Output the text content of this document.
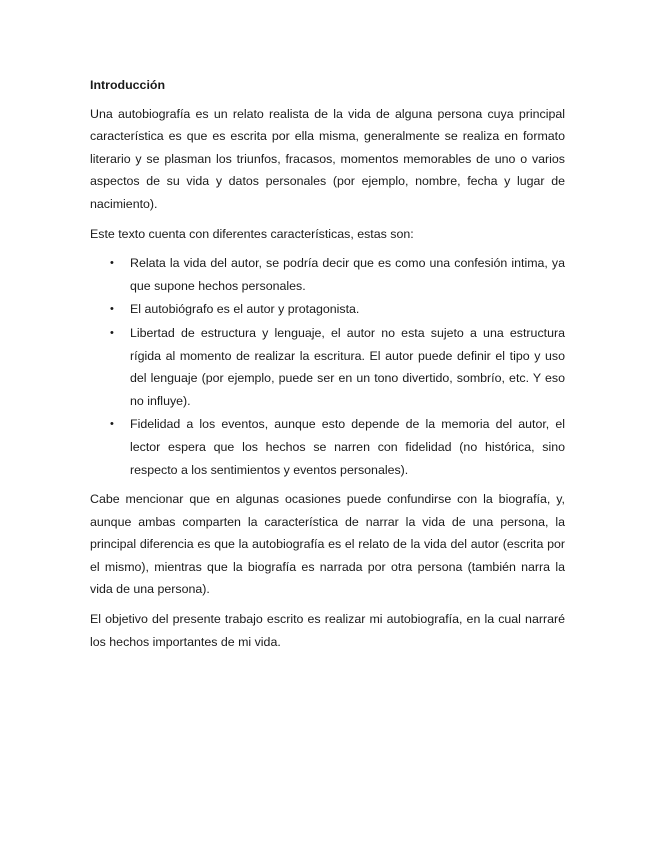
Introducción

Una autobiografía es un relato realista de la vida de alguna persona cuya principal característica es que es escrita por ella misma, generalmente se realiza en formato literario y se plasman los triunfos, fracasos, momentos memorables de uno o varios aspectos de su vida y datos personales (por ejemplo, nombre, fecha y lugar de nacimiento).

Este texto cuenta con diferentes características, estas son:

• Relata la vida del autor, se podría decir que es como una confesión intima, ya que supone hechos personales.
• El autobiógrafo es el autor y protagonista.
• Libertad de estructura y lenguaje, el autor no esta sujeto a una estructura rígida al momento de realizar la escritura. El autor puede definir el tipo y uso del lenguaje (por ejemplo, puede ser en un tono divertido, sombrío, etc. Y eso no influye).
• Fidelidad a los eventos, aunque esto depende de la memoria del autor, el lector espera que los hechos se narren con fidelidad (no histórica, sino respecto a los sentimientos y eventos personales).

Cabe mencionar que en algunas ocasiones puede confundirse con la biografía, y, aunque ambas comparten la característica de narrar la vida de una persona, la principal diferencia es que la autobiografía es el relato de la vida del autor (escrita por el mismo), mientras que la biografía es narrada por otra persona (también narra la vida de una persona).

El objetivo del presente trabajo escrito es realizar mi autobiografía, en la cual narraré los hechos importantes de mi vida.
